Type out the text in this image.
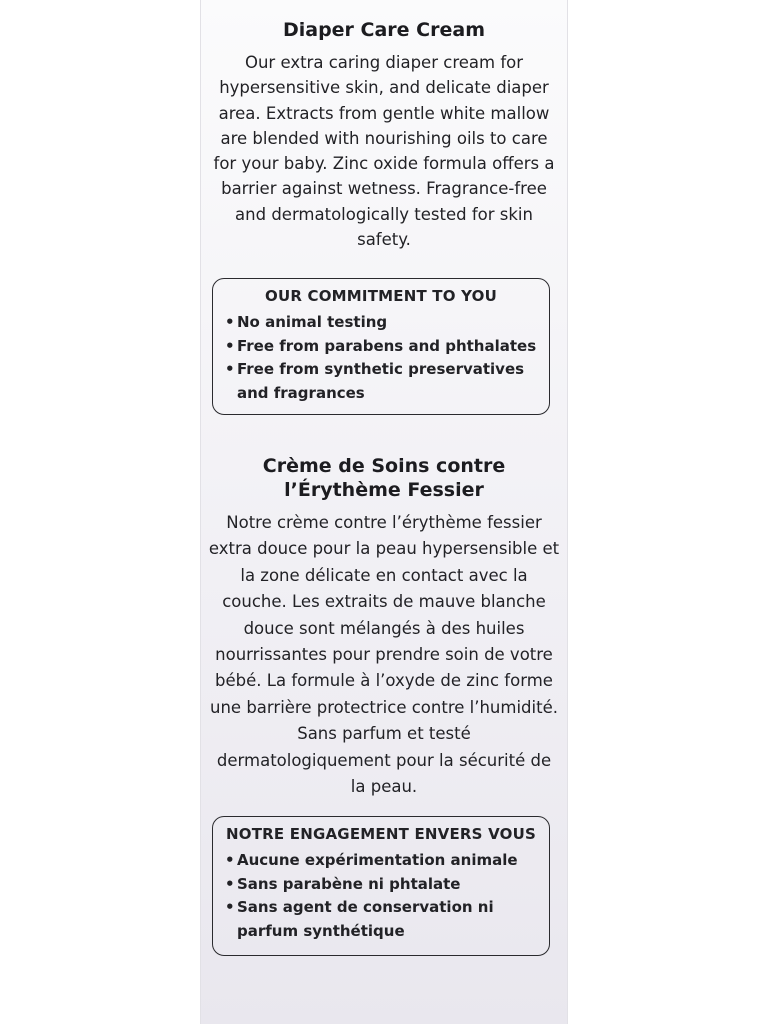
Diaper Care Cream

Our extra caring diaper cream for hypersensitive skin, and delicate diaper area. Extracts from gentle white mallow are blended with nourishing oils to care for your baby. Zinc oxide formula offers a barrier against wetness. Fragrance-free and dermatologically tested for skin safety.

OUR COMMITMENT TO YOU
• No animal testing
• Free from parabens and phthalates
• Free from synthetic preservatives and fragrances
Crème de Soins contre
l’Érythème Fessier

Notre crème contre l’érythème fessier extra douce pour la peau hypersensible et la zone délicate en contact avec la couche. Les extraits de mauve blanche douce sont mélangés à des huiles nourrissantes pour prendre soin de votre bébé. La formule à l’oxyde de zinc forme une barrière protectrice contre l’humidité. Sans parfum et testé dermatologiquement pour la sécurité de la peau.

NOTRE ENGAGEMENT ENVERS VOUS
• Aucune expérimentation animale
• Sans parabène ni phtalate
• Sans agent de conservation ni parfum synthétique
